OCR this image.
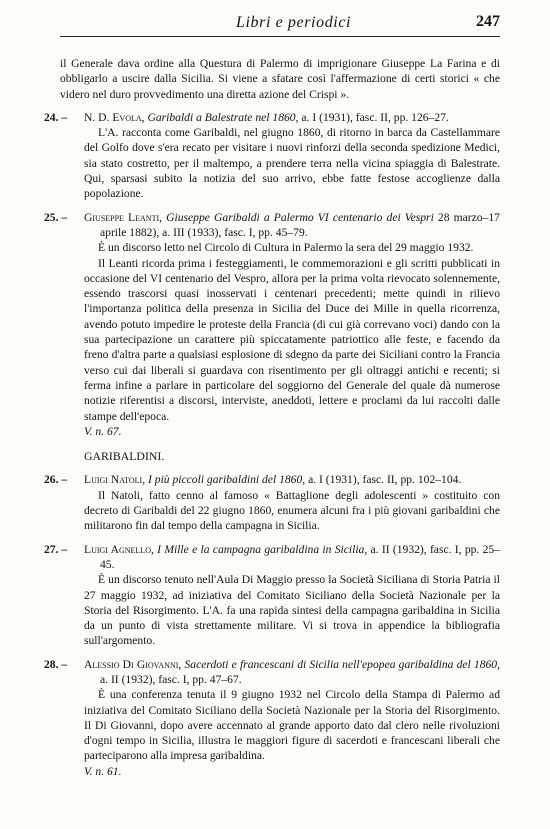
Libri e periodici	247

il Generale dava ordine alla Questura di Palermo di imprigionare Giuseppe La Farina e di obbligarlo a uscire dalla Sicilia. Si viene a sfatare così l'affermazione di certi storici « che videro nel duro provvedimento una diretta azione del Crispi ».

24. –	N. D. Evola, Garibaldi a Balestrate nel 1860, a. I (1931), fasc. II, pp. 126–27.

L'A. racconta come Garibaldi, nel giugno 1860, di ritorno in barca da Castellammare del Golfo dove s'era recato per visitare i nuovi rinforzi della seconda spedizione Medici, sia stato costretto, per il maltempo, a prendere terra nella vicina spiaggia di Balestrate. Qui, sparsasi subito la notizia del suo arrivo, ebbe fatte festose accoglienze dalla popolazione.

25. –	Giuseppe Leanti, Giuseppe Garibaldi a Palermo VI centenario dei Vespri 28 marzo–17 aprile 1882), a. III (1933), fasc. I, pp. 45–79.

È un discorso letto nel Circolo di Cultura in Palermo la sera del 29 maggio 1932.

Il Leanti ricorda prima i festeggiamenti, le commemorazioni e gli scritti pubblicati in occasione del VI centenario del Vespro, allora per la prima volta rievocato solennemente, essendo trascorsi quasi inosservati i centenari precedenti; mette quindi in rilievo l'importanza politica della presenza in Sicilia del Duce dei Mille in quella ricorrenza, avendo potuto impedire le proteste della Francia (di cui già correvano voci) dando con la sua partecipazione un carattere più spiccatamente patriottico alle feste, e facendo da freno d'altra parte a qualsiasi esplosione di sdegno da parte dei Siciliani contro la Francia verso cui dai liberali si guardava con risentimento per gli oltraggi antichi e recenti; si ferma infine a parlare in particolare del soggiorno del Generale del quale dà numerose notizie riferentisi a discorsi, interviste, aneddoti, lettere e proclami da lui raccolti dalle stampe dell'epoca.

V. n. 67.

GARIBALDINI.
26. –	Luigi Natoli, I più piccoli garibaldini del 1860, a. I (1931), fasc. II, pp. 102–104.

Il Natoli, fatto cenno al famoso « Battaglione degli adolescenti » costituito con decreto di Garibaldi del 22 giugno 1860, enumera alcuni fra i più giovani garibaldini che militarono fin dal tempo della campagna in Sicilia.

27. –	Luigi Agnello, I Mille e la campagna garibaldina in Sicilia, a. II (1932), fasc. I, pp. 25–45.

È un discorso tenuto nell'Aula Di Maggio presso la Società Siciliana di Storia Patria il 27 maggio 1932, ad iniziativa del Comitato Siciliano della Società Nazionale per la Storia del Risorgimento. L'A. fa una rapida sintesi della campagna garibaldina in Sicilia da un punto di vista strettamente militare. Vi si trova in appendice la bibliografia sull'argomento.

28. –	Alessio Di Giovanni, Sacerdoti e francescani di Sicilia nell'epopea garibaldina del 1860, a. II (1932), fasc. I, pp. 47–67.

È una conferenza tenuta il 9 giugno 1932 nel Circolo della Stampa di Palermo ad iniziativa del Comitato Siciliano della Società Nazionale per la Storia del Risorgimento. Il Di Giovanni, dopo avere accennato al grande apporto dato dal clero nelle rivoluzioni d'ogni tempo in Sicilia, illustra le maggiori figure di sacerdoti e francescani liberali che parteciparono alla impresa garibaldina.

V. n. 61.
